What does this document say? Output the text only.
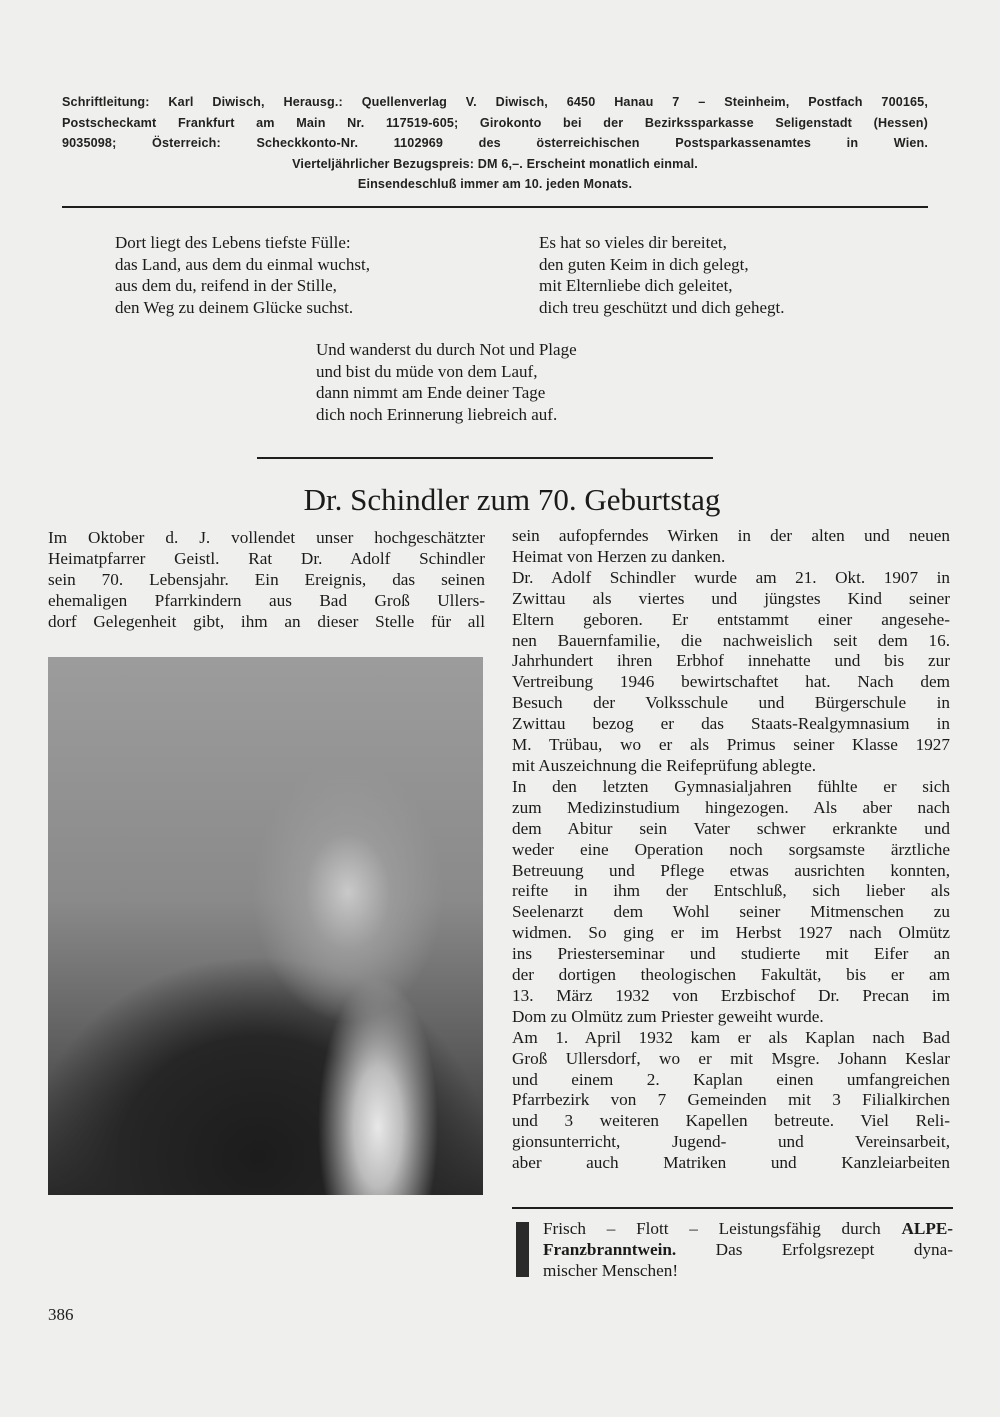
Schriftleitung: Karl Diwisch, Herausg.: Quellenverlag V. Diwisch, 6450 Hanau 7 – Steinheim, Postfach 700165,
Postscheckamt Frankfurt am Main Nr. 117519-605; Girokonto bei der Bezirkssparkasse Seligenstadt (Hessen)
9035098; Österreich: Scheckkonto-Nr. 1102969 des österreichischen Postsparkassenamtes in Wien.
Vierteljährlicher Bezugspreis: DM 6,–. Erscheint monatlich einmal.
Einsendeschluß immer am 10. jeden Monats.
Dort liegt des Lebens tiefste Fülle:
das Land, aus dem du einmal wuchst,
aus dem du, reifend in der Stille,
den Weg zu deinem Glücke suchst.
Es hat so vieles dir bereitet,
den guten Keim in dich gelegt,
mit Elternliebe dich geleitet,
dich treu geschützt und dich gehegt.
Und wanderst du durch Not und Plage
und bist du müde von dem Lauf,
dann nimmt am Ende deiner Tage
dich noch Erinnerung liebreich auf.
Dr. Schindler zum 70. Geburtstag
Im Oktober d. J. vollendet unser hochgeschätzter
Heimatpfarrer Geistl. Rat Dr. Adolf Schindler
sein 70. Lebensjahr. Ein Ereignis, das seinen
ehemaligen Pfarrkindern aus Bad Groß Ullers-
dorf Gelegenheit gibt, ihm an dieser Stelle für all
sein aufopferndes Wirken in der alten und neuen
Heimat von Herzen zu danken.
Dr. Adolf Schindler wurde am 21. Okt. 1907 in
Zwittau als viertes und jüngstes Kind seiner
Eltern geboren. Er entstammt einer angesehe-
nen Bauernfamilie, die nachweislich seit dem 16.
Jahrhundert ihren Erbhof innehatte und bis zur
Vertreibung 1946 bewirtschaftet hat. Nach dem
Besuch der Volksschule und Bürgerschule in
Zwittau bezog er das Staats-Realgymnasium in
M. Trübau, wo er als Primus seiner Klasse 1927
mit Auszeichnung die Reifeprüfung ablegte.
In den letzten Gymnasialjahren fühlte er sich
zum Medizinstudium hingezogen. Als aber nach
dem Abitur sein Vater schwer erkrankte und
weder eine Operation noch sorgsamste ärztliche
Betreuung und Pflege etwas ausrichten konnten,
reifte in ihm der Entschluß, sich lieber als
Seelenarzt dem Wohl seiner Mitmenschen zu
widmen. So ging er im Herbst 1927 nach Olmütz
ins Priesterseminar und studierte mit Eifer an
der dortigen theologischen Fakultät, bis er am
13. März 1932 von Erzbischof Dr. Precan im
Dom zu Olmütz zum Priester geweiht wurde.
Am 1. April 1932 kam er als Kaplan nach Bad
Groß Ullersdorf, wo er mit Msgre. Johann Keslar
und einem 2. Kaplan einen umfangreichen
Pfarrbezirk von 7 Gemeinden mit 3 Filialkirchen
und 3 weiteren Kapellen betreute. Viel Reli-
gionsunterricht, Jugend- und Vereinsarbeit,
aber auch Matriken und Kanzleiarbeiten
Frisch – Flott – Leistungsfähig durch ALPE-
Franzbranntwein. Das Erfolgsrezept dyna-
mischer Menschen!
386
